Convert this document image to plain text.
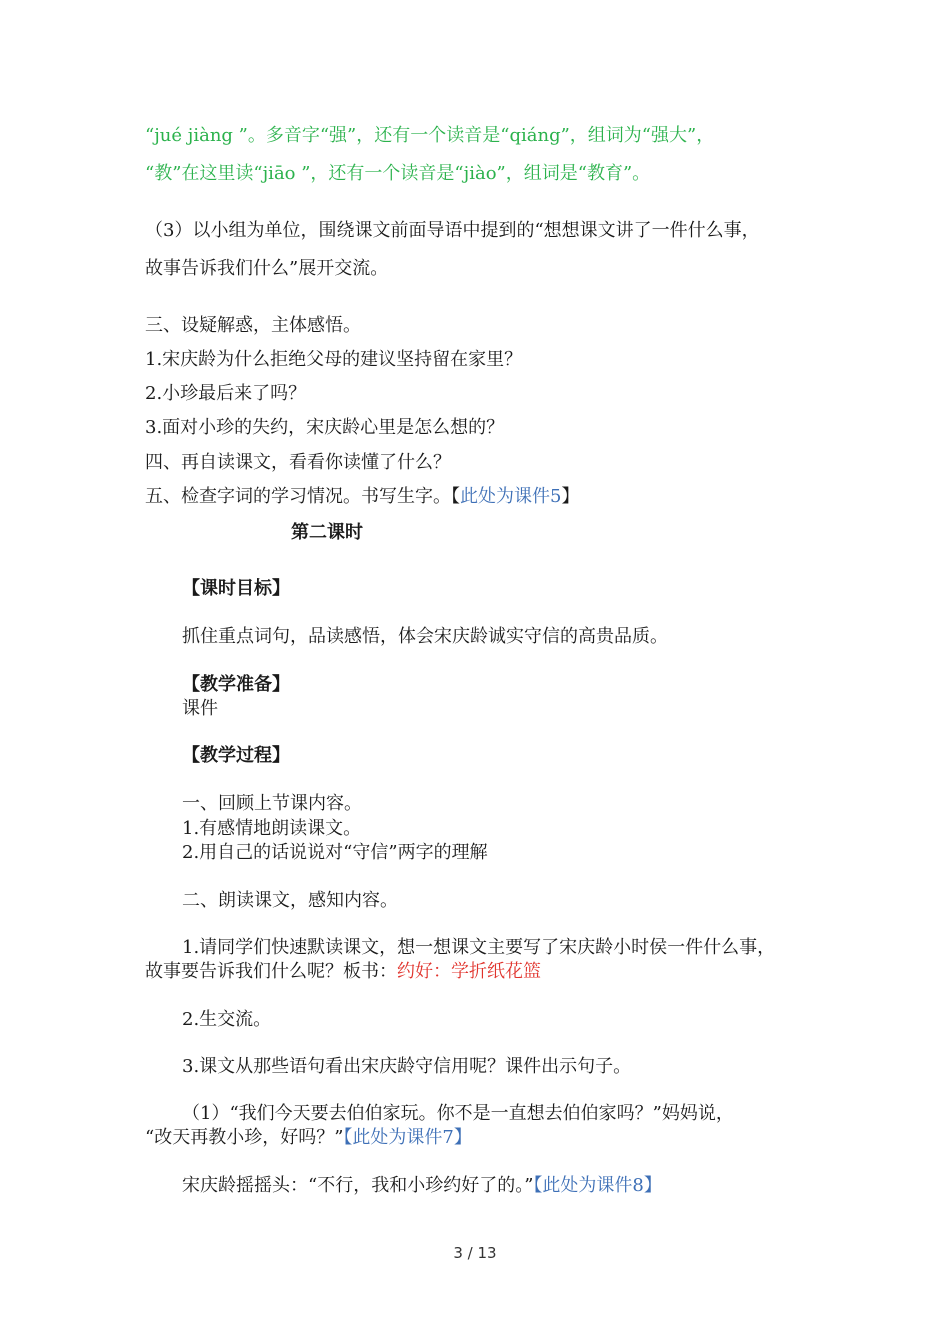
“jué jiàng ”。多音字“强”，还有一个读音是“qiáng”，组词为“强大”，
“教”在这里读“jiāo ”，还有一个读音是“jiào”，组词是“教育”。
（3）以小组为单位，围绕课文前面导语中提到的“想想课文讲了一件什么事，
故事告诉我们什么”展开交流。
三、设疑解惑，主体感悟。
1.宋庆龄为什么拒绝父母的建议坚持留在家里？
2.小珍最后来了吗？
3.面对小珍的失约，宋庆龄心里是怎么想的？
四、再自读课文，看看你读懂了什么？
五、检查字词的学习情况。书写生字。【此处为课件5】
第二课时
【课时目标】
抓住重点词句，品读感悟，体会宋庆龄诚实守信的高贵品质。
【教学准备】
课件
【教学过程】
一、回顾上节课内容。
1.有感情地朗读课文。
2.用自己的话说说对“守信”两字的理解
二、朗读课文，感知内容。
1.请同学们快速默读课文，想一想课文主要写了宋庆龄小时侯一件什么事，
故事要告诉我们什么呢？板书：约好：学折纸花篮
2.生交流。
3.课文从那些语句看出宋庆龄守信用呢？课件出示句子。
（1）“我们今天要去伯伯家玩。你不是一直想去伯伯家吗？”妈妈说，
“改天再教小珍，好吗？”【此处为课件7】
宋庆龄摇摇头：“不行，我和小珍约好了的。”【此处为课件8】
3 / 13
